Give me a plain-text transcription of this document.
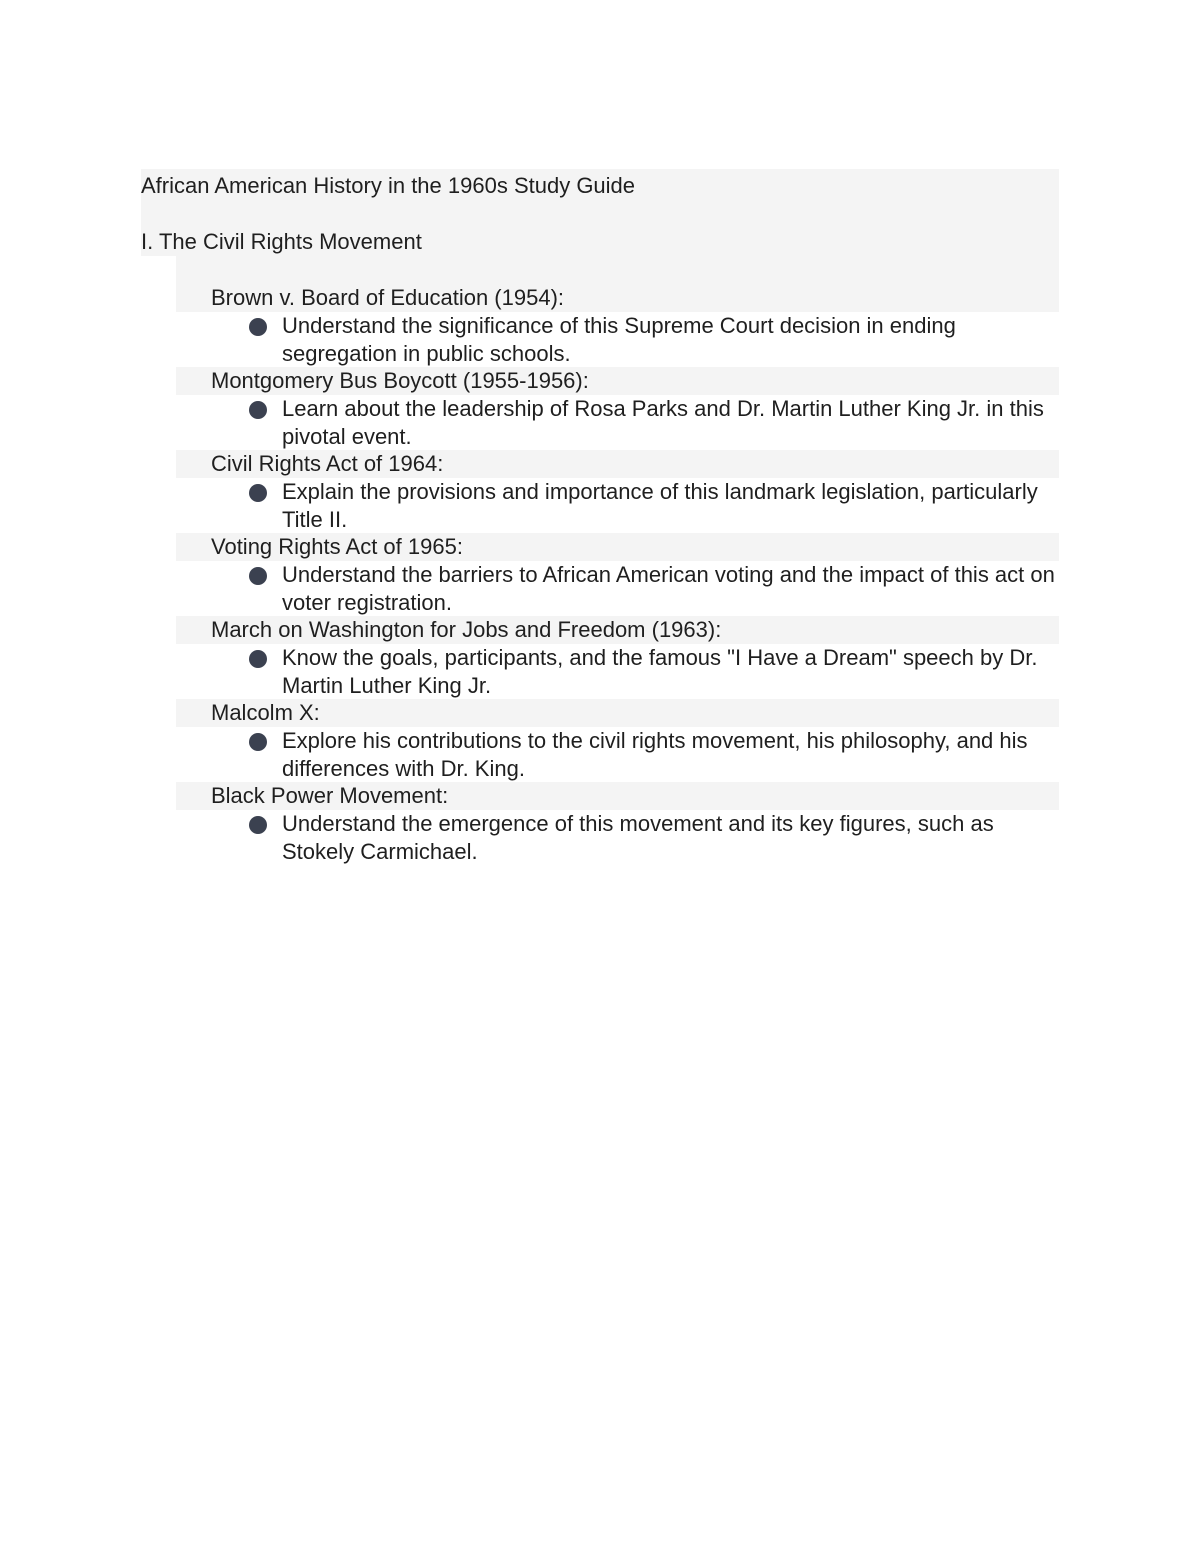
African American History in the 1960s Study Guide
I. The Civil Rights Movement
Brown v. Board of Education (1954):
Understand the significance of this Supreme Court decision in ending segregation in public schools.
Montgomery Bus Boycott (1955-1956):
Learn about the leadership of Rosa Parks and Dr. Martin Luther King Jr. in this pivotal event.
Civil Rights Act of 1964:
Explain the provisions and importance of this landmark legislation, particularly Title II.
Voting Rights Act of 1965:
Understand the barriers to African American voting and the impact of this act on voter registration.
March on Washington for Jobs and Freedom (1963):
Know the goals, participants, and the famous "I Have a Dream" speech by Dr. Martin Luther King Jr.
Malcolm X:
Explore his contributions to the civil rights movement, his philosophy, and his differences with Dr. King.
Black Power Movement:
Understand the emergence of this movement and its key figures, such as Stokely Carmichael.
